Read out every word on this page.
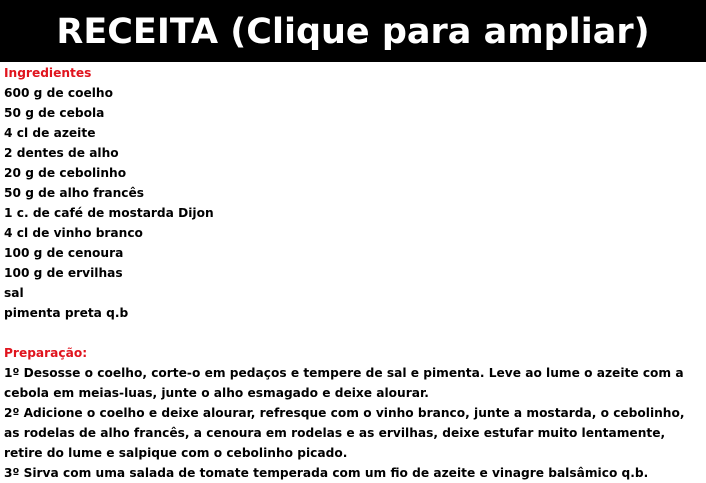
RECEITA (Clique para ampliar)
Ingredientes
600 g de coelho
50 g de cebola
4 cl de azeite
2 dentes de alho
20 g de cebolinho
50 g de alho francês
1 c. de café de mostarda Dijon
4 cl de vinho branco
100 g de cenoura
100 g de ervilhas
sal
pimenta preta q.b
Preparação:
1º Desosse o coelho, corte-o em pedaços e tempere de sal e pimenta. Leve ao lume o azeite com a cebola em meias-luas, junte o alho esmagado e deixe alourar.
2º Adicione o coelho e deixe alourar, refresque com o vinho branco, junte a mostarda, o cebolinho, as rodelas de alho francês, a cenoura em rodelas e as ervilhas, deixe estufar muito lentamente, retire do lume e salpique com o cebolinho picado.
3º Sirva com uma salada de tomate temperada com um fio de azeite e vinagre balsâmico q.b.
